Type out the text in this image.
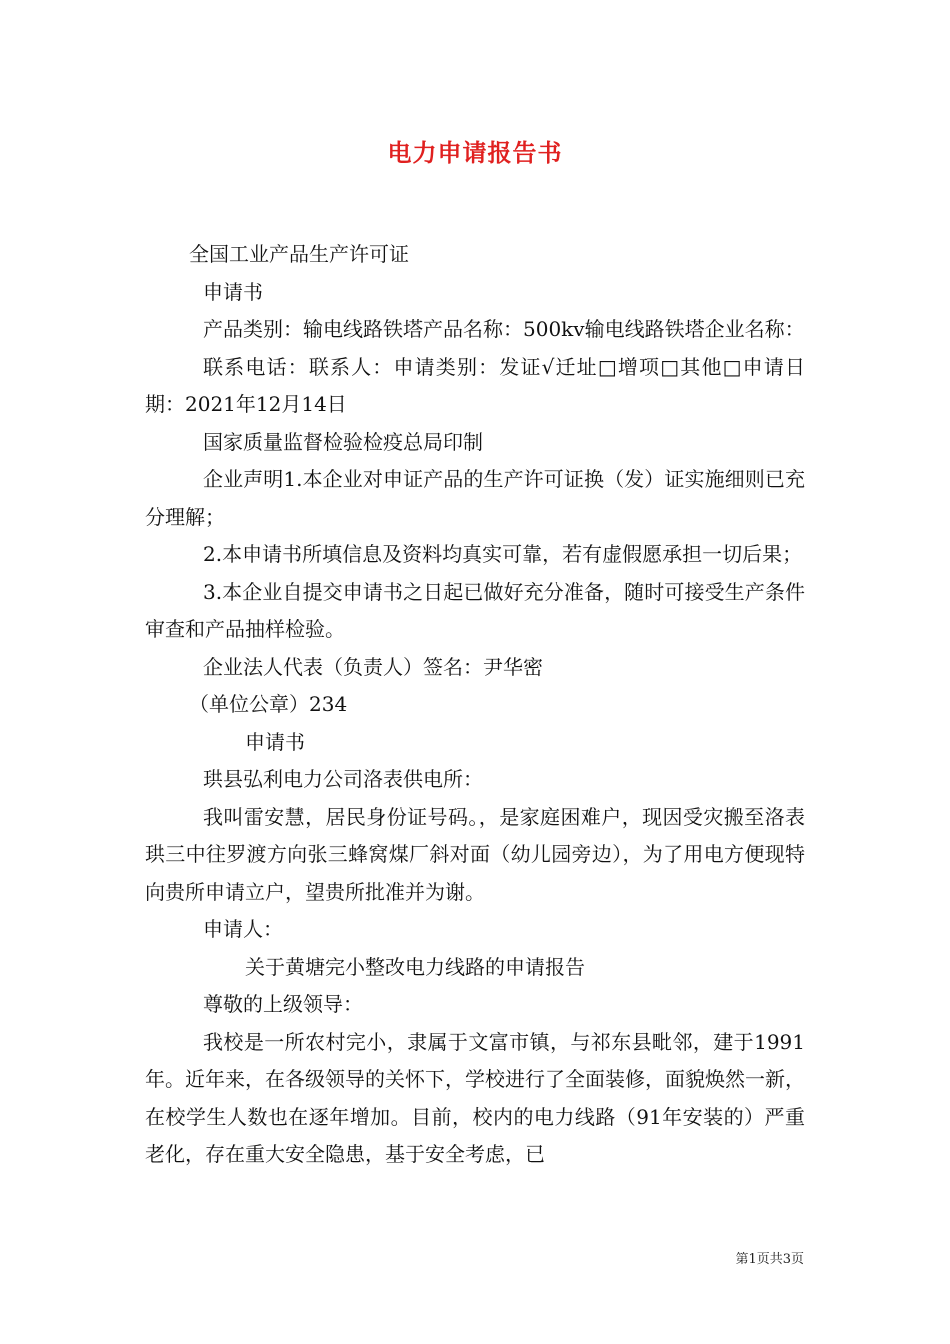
电力申请报告书

全国工业产品生产许可证

申请书

产品类别：输电线路铁塔产品名称：500kv输电线路铁塔企业名称：

联系电话：联系人：申请类别：发证√迁址□增项□其他□申请日期：2021年12月14日

国家质量监督检验检疫总局印制

企业声明1.本企业对申证产品的生产许可证换（发）证实施细则已充分理解；

2.本申请书所填信息及资料均真实可靠，若有虚假愿承担一切后果；

3.本企业自提交申请书之日起已做好充分准备，随时可接受生产条件审查和产品抽样检验。

企业法人代表（负责人）签名：尹华密

（单位公章）234

申请书

珙县弘利电力公司洛表供电所：

我叫雷安慧，居民身份证号码。，是家庭困难户，现因受灾搬至洛表珙三中往罗渡方向张三蜂窝煤厂斜对面（幼儿园旁边），为了用电方便现特向贵所申请立户，望贵所批准并为谢。

申请人：

关于黄塘完小整改电力线路的申请报告

尊敬的上级领导：

我校是一所农村完小，隶属于文富市镇，与祁东县毗邻，建于1991年。近年来，在各级领导的关怀下，学校进行了全面装修，面貌焕然一新，在校学生人数也在逐年增加。目前，校内的电力线路（91年安装的）严重老化，存在重大安全隐患，基于安全考虑，已

第1页共3页
